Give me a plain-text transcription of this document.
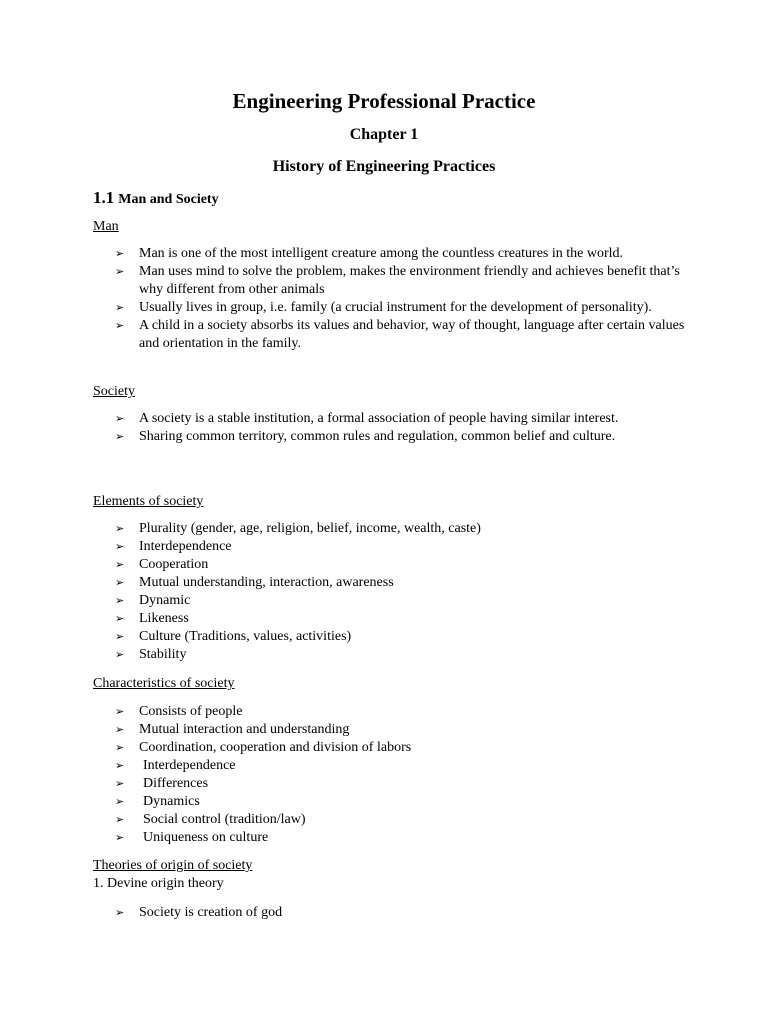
Engineering Professional Practice
Chapter 1
History of Engineering Practices
1.1 Man and Society
Man
➢ Man is one of the most intelligent creature among the countless creatures in the world.
➢ Man uses mind to solve the problem, makes the environment friendly and achieves benefit that’s why different from other animals
➢ Usually lives in group, i.e. family (a crucial instrument for the development of personality).
➢ A child in a society absorbs its values and behavior, way of thought, language after certain values and orientation in the family.
Society
➢ A society is a stable institution, a formal association of people having similar interest.
➢ Sharing common territory, common rules and regulation, common belief and culture.
Elements of society
➢ Plurality (gender, age, religion, belief, income, wealth, caste)
➢ Interdependence
➢ Cooperation
➢ Mutual understanding, interaction, awareness
➢ Dynamic
➢ Likeness
➢ Culture (Traditions, values, activities)
➢ Stability
Characteristics of society
➢ Consists of people
➢ Mutual interaction and understanding
➢ Coordination, cooperation and division of labors
➢ Interdependence
➢ Differences
➢ Dynamics
➢ Social control (tradition/law)
➢ Uniqueness on culture
Theories of origin of society
1. Devine origin theory
➢ Society is creation of god
